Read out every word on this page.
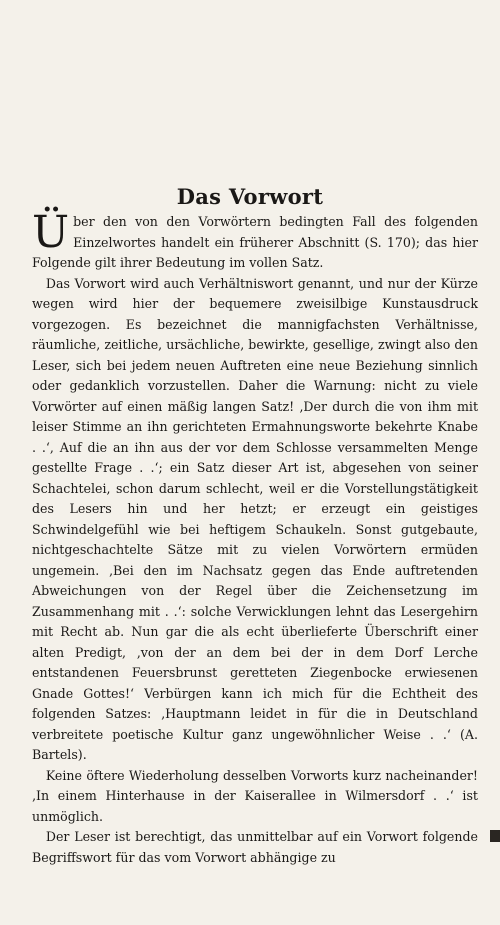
Das Vorwort

Über den von den Vorwörtern bedingten Fall des folgenden Einzelwortes handelt ein früherer Abschnitt (S. 170); das hier Folgende gilt ihrer Bedeutung im vollen Satz.

Das Vorwort wird auch Verhältniswort genannt, und nur der Kürze wegen wird hier der bequemere zweisilbige Kunstausdruck vorgezogen. Es bezeichnet die mannigfachsten Verhältnisse, räumliche, zeitliche, ursächliche, bewirkte, gesellige, zwingt also den Leser, sich bei jedem neuen Auftreten eine neue Beziehung sinnlich oder gedanklich vorzustellen. Daher die Warnung: nicht zu viele Vorwörter auf einen mäßig langen Satz! ‚Der durch die von ihm mit leiser Stimme an ihn gerichteten Ermahnungsworte bekehrte Knabe . .‘, Auf die an ihn aus der vor dem Schlosse versammelten Menge gestellte Frage . .‘; ein Satz dieser Art ist, abgesehen von seiner Schachtelei, schon darum schlecht, weil er die Vorstellungstätigkeit des Lesers hin und her hetzt; er erzeugt ein geistiges Schwindelgefühl wie bei heftigem Schaukeln. Sonst gutgebaute, nichtgeschachtelte Sätze mit zu vielen Vorwörtern ermüden ungemein. ‚Bei den im Nachsatz gegen das Ende auftretenden Abweichungen von der Regel über die Zeichensetzung im Zusammenhang mit . .‘: solche Verwicklungen lehnt das Lesergehirn mit Recht ab. Nun gar die als echt überlieferte Überschrift einer alten Predigt, ‚von der an dem bei der in dem Dorf Lerche entstandenen Feuersbrunst geretteten Ziegenbocke erwiesenen Gnade Gottes!‘ Verbürgen kann ich mich für die Echtheit des folgenden Satzes: ‚Hauptmann leidet in für die in Deutschland verbreitete poetische Kultur ganz ungewöhnlicher Weise . .‘ (A. Bartels).

Keine öftere Wiederholung desselben Vorworts kurz nacheinander! ‚In einem Hinterhause in der Kaiserallee in Wilmersdorf . .‘ ist unmöglich.

Der Leser ist berechtigt, das unmittelbar auf ein Vorwort folgende Begriffswort für das vom Vorwort abhängige zu
